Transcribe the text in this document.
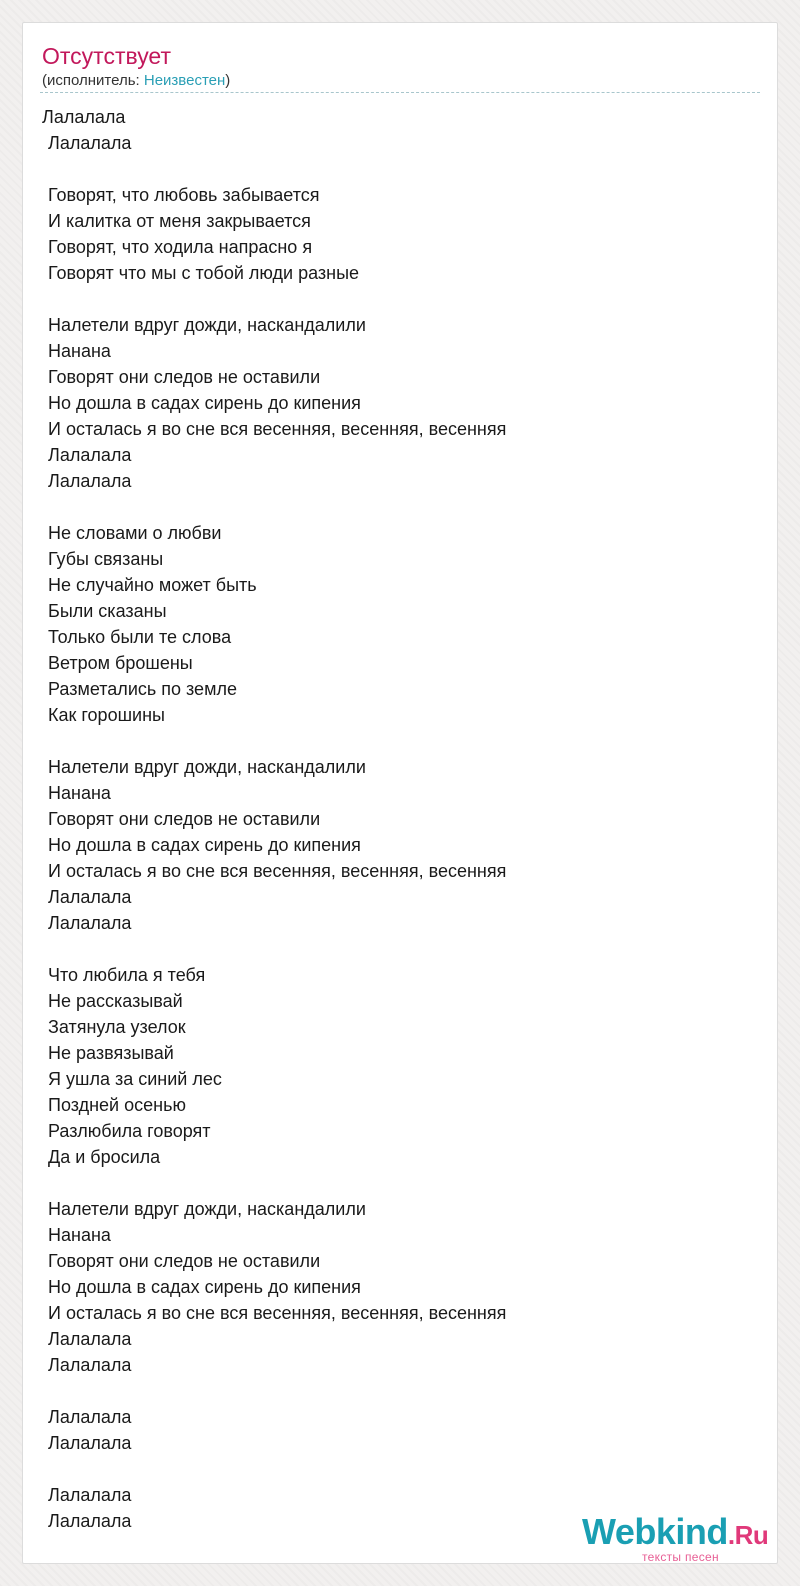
Отсутствует
(исполнитель: Неизвестен)
Лалалала
Лалалала
Говорят, что любовь забывается
И калитка от меня закрывается
Говорят, что ходила напрасно я
Говорят что мы с тобой люди разные
Налетели вдруг дожди, наскандалили
Нанана
Говорят они следов не оставили
Но дошла в садах сирень до кипения
И осталась я во сне вся весенняя, весенняя, весенняя
Лалалала
Лалалала
Не словами о любви
Губы связаны
Не случайно может быть
Были сказаны
Только были те слова
Ветром брошены
Разметались по земле
Как горошины
Налетели вдруг дожди, наскандалили
Нанана
Говорят они следов не оставили
Но дошла в садах сирень до кипения
И осталась я во сне вся весенняя, весенняя, весенняя
Лалалала
Лалалала
Что любила я тебя
Не рассказывай
Затянула узелок
Не развязывай
Я ушла за синий лес
Поздней осенью
Разлюбила говорят
Да и бросила
Налетели вдруг дожди, наскандалили
Нанана
Говорят они следов не оставили
Но дошла в садах сирень до кипения
И осталась я во сне вся весенняя, весенняя, весенняя
Лалалала
Лалалала
Лалалала
Лалалала
Лалалала
Лалалала	Webkind.Ru
тексты песен
